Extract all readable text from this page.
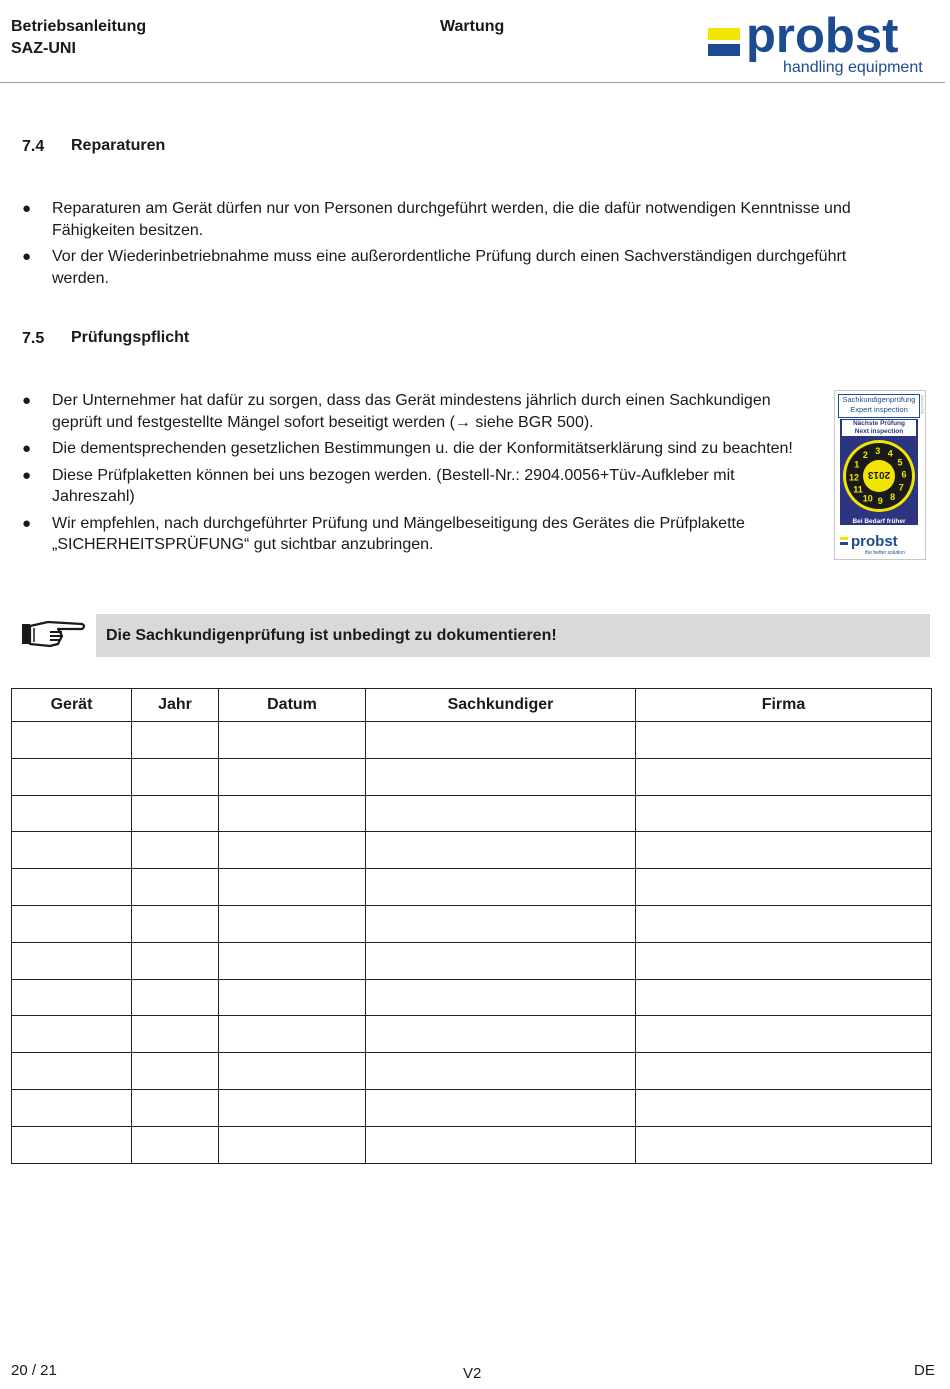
Betriebsanleitung
SAZ-UNI
Wartung	probst
handling equipment
7.4 Reparaturen
● Reparaturen am Gerät dürfen nur von Personen durchgeführt werden, die die dafür notwendigen Kenntnisse und Fähigkeiten besitzen.
● Vor der Wiederinbetriebnahme muss eine außerordentliche Prüfung durch einen Sachverständigen durchgeführt werden.
7.5 Prüfungspflicht
● Der Unternehmer hat dafür zu sorgen, dass das Gerät mindestens jährlich durch einen Sachkundigen geprüft und festgestellte Mängel sofort beseitigt werden (→ siehe BGR 500).
● Die dementsprechenden gesetzlichen Bestimmungen u. die der Konformitätserklärung sind zu beachten!
● Diese Prüfplaketten können bei uns bezogen werden. (Bestell-Nr.: 2904.0056+Tüv-Aufkleber mit Jahreszahl)
● Wir empfehlen, nach durchgeführter Prüfung und Mängelbeseitigung des Gerätes die Prüfplakette „SICHERHEITSPRÜFUNG“ gut sichtbar anzubringen.
Sachkundigenprüfung
Expert inspection	2904.0056
Nächste Prüfung
Next inspection
1
2 3 4
5
6
7
8
9
10
11
12 2013
Bei Bedarf früher
If required earlier
probst
the better solution
Die Sachkundigenprüfung ist unbedingt zu dokumentieren!
Gerät	Jahr	Datum	Sachkundiger	Firma

20 / 21	V2	DE
